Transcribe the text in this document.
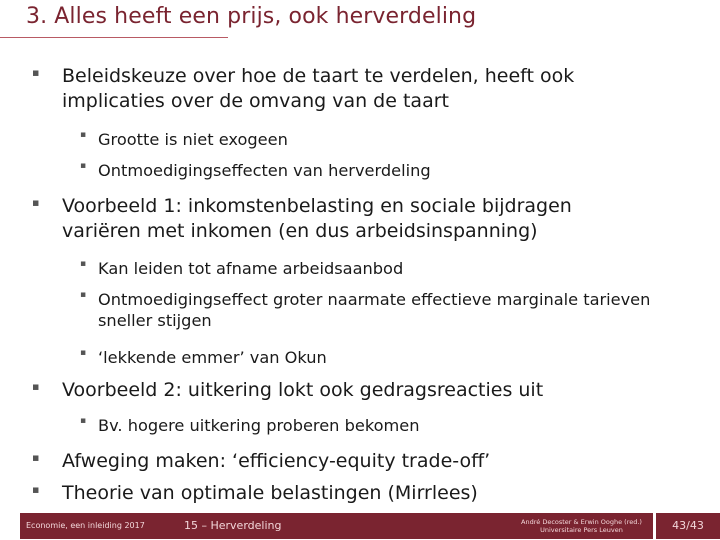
3. Alles heeft een prijs, ook herverdeling
▪ Beleidskeuze over hoe de taart te verdelen, heeft ook implicaties over de omvang van de taart
▪ Grootte is niet exogeen
▪ Ontmoedigingseffecten van herverdeling
▪ Voorbeeld 1: inkomstenbelasting en sociale bijdragen variëren met inkomen (en dus arbeidsinspanning)
▪ Kan leiden tot afname arbeidsaanbod
▪ Ontmoedigingseffect groter naarmate effectieve marginale tarieven sneller stijgen
▪ ‘lekkende emmer’ van Okun
▪ Voorbeeld 2: uitkering lokt ook gedragsreacties uit
▪ Bv. hogere uitkering proberen bekomen
▪ Afweging maken: ‘efficiency-equity trade-off’
▪ Theorie van optimale belastingen (Mirrlees)
Economie, een inleiding 2017	15 – Herverdeling	André Decoster & Erwin Ooghe (red.)
Universitaire Pers Leuven	43/43
